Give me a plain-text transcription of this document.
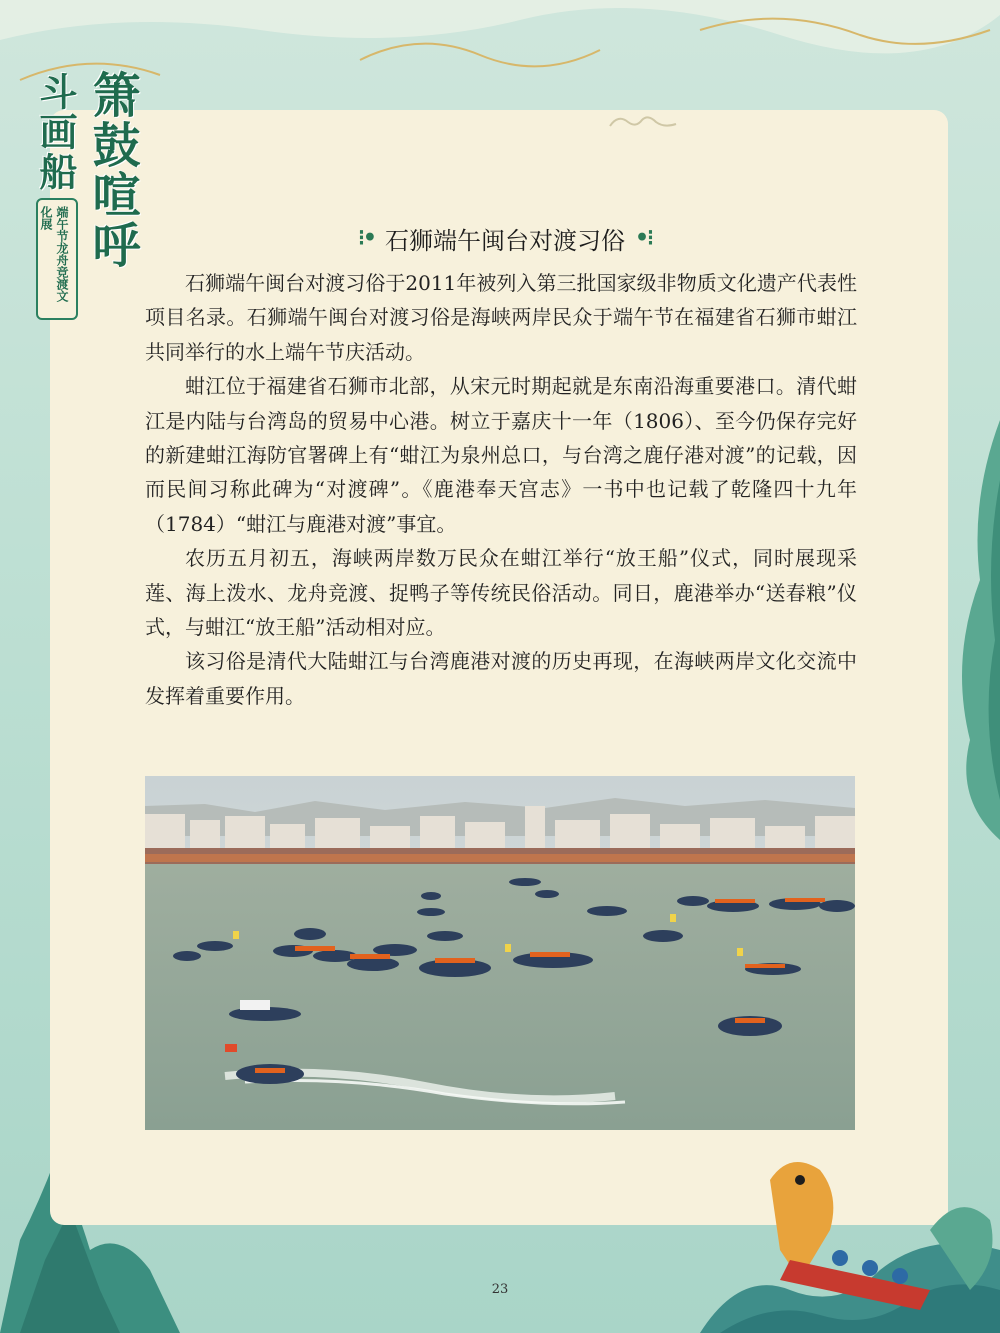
箫鼓喧呼
斗画船
端午节龙舟竞渡文化展
⁝• 石狮端午闽台对渡习俗 •⁝

石狮端午闽台对渡习俗于2011年被列入第三批国家级非物质文化遗产代表性项目名录。石狮端午闽台对渡习俗是海峡两岸民众于端午节在福建省石狮市蚶江共同举行的水上端午节庆活动。

蚶江位于福建省石狮市北部，从宋元时期起就是东南沿海重要港口。清代蚶江是内陆与台湾岛的贸易中心港。树立于嘉庆十一年（1806）、至今仍保存完好的新建蚶江海防官署碑上有“蚶江为泉州总口，与台湾之鹿仔港对渡”的记载，因而民间习称此碑为“对渡碑”。《鹿港奉天宫志》一书中也记载了乾隆四十九年（1784）“蚶江与鹿港对渡”事宜。

农历五月初五，海峡两岸数万民众在蚶江举行“放王船”仪式，同时展现采莲、海上泼水、龙舟竞渡、捉鸭子等传统民俗活动。同日，鹿港举办“送春粮”仪式，与蚶江“放王船”活动相对应。

该习俗是清代大陆蚶江与台湾鹿港对渡的历史再现，在海峡两岸文化交流中发挥着重要作用。

23
